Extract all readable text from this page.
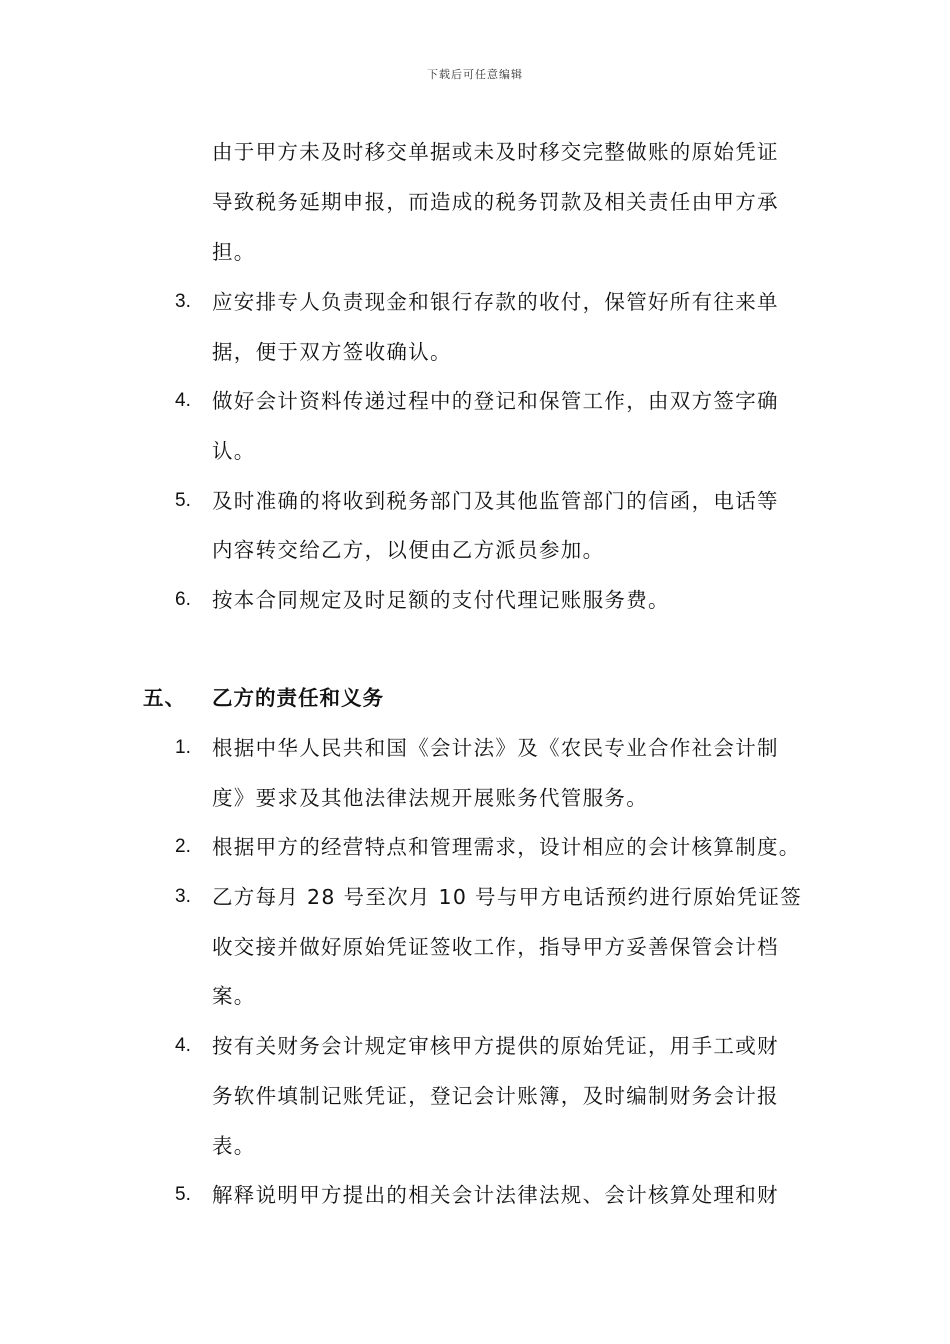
下载后可任意编辑
由于甲方未及时移交单据或未及时移交完整做账的原始凭证
导致税务延期申报，而造成的税务罚款及相关责任由甲方承
担。
3. 应安排专人负责现金和银行存款的收付，保管好所有往来单
据，便于双方签收确认。
4. 做好会计资料传递过程中的登记和保管工作，由双方签字确
认。
5. 及时准确的将收到税务部门及其他监管部门的信函，电话等
内容转交给乙方，以便由乙方派员参加。
6. 按本合同规定及时足额的支付代理记账服务费。
五、 乙方的责任和义务
1. 根据中华人民共和国《会计法》及《农民专业合作社会计制
度》要求及其他法律法规开展账务代管服务。
2. 根据甲方的经营特点和管理需求，设计相应的会计核算制度。
3. 乙方每月 28 号至次月 10 号与甲方电话预约进行原始凭证签
收交接并做好原始凭证签收工作，指导甲方妥善保管会计档
案。
4. 按有关财务会计规定审核甲方提供的原始凭证，用手工或财
务软件填制记账凭证，登记会计账簿，及时编制财务会计报
表。
5. 解释说明甲方提出的相关会计法律法规、会计核算处理和财
